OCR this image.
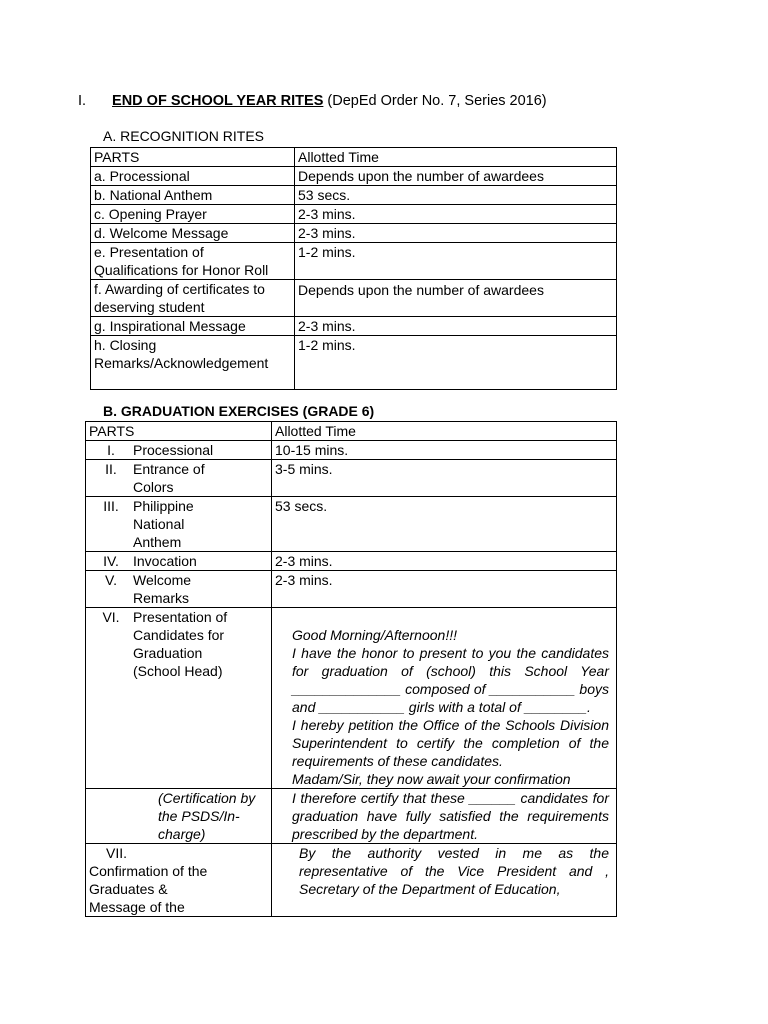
I. END OF SCHOOL YEAR RITES (DepEd Order No. 7, Series 2016)
A. RECOGNITION RITES
PARTS	Allotted Time
a. Processional	Depends upon the number of awardees
b. National Anthem	53 secs.
c. Opening Prayer	2-3 mins.
d. Welcome Message	2-3 mins.
e. Presentation of Qualifications for Honor Roll	1-2 mins.
f. Awarding of certificates to deserving student	Depends upon the number of awardees
g. Inspirational Message	2-3 mins.
h. Closing Remarks/Acknowledgement	1-2 mins.
B. GRADUATION EXERCISES (GRADE 6)
PARTS	Allotted Time
I. Processional	10-15 mins.
II. Entrance of Colors	3-5 mins.
III. Philippine National Anthem	53 secs.
IV. Invocation	2-3 mins.
V. Welcome Remarks	2-3 mins.
VI. Presentation of Candidates for Graduation (School Head)	Good Morning/Afternoon!!!

I have the honor to present to you the candidates for graduation of (school) this School Year ______________ composed of ___________ boys and ___________ girls with a total of ________.

I hereby petition the Office of the Schools Division Superintendent to certify the completion of the requirements of these candidates.

Madam/Sir, they now await your confirmation

(Certification by the PSDS/In-charge)	I therefore certify that these ______ candidates for graduation have fully satisfied the requirements prescribed by the department.
VII.Confirmation of the Graduates & Message of the	By the authority vested in me as the representative of the Vice President and , Secretary of the Department of Education,
